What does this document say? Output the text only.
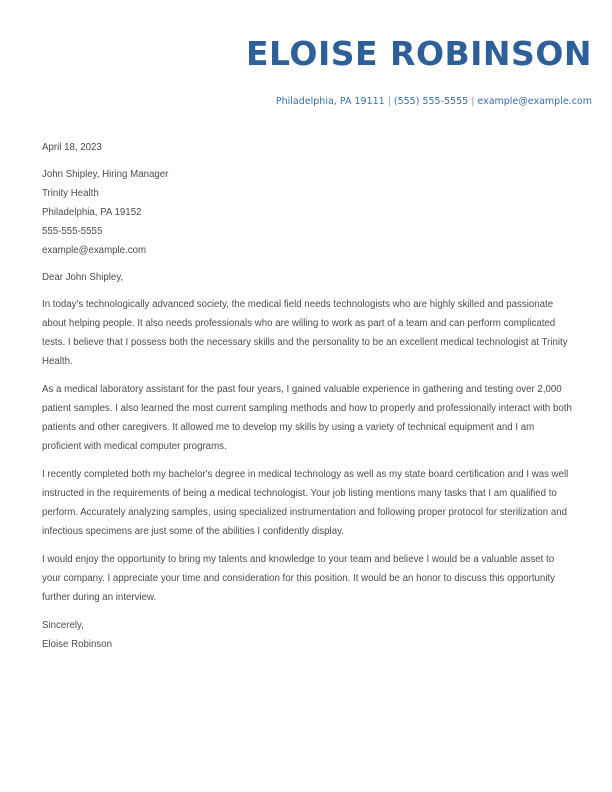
ELOISE ROBINSON
Philadelphia, PA 19111 | (555) 555-5555 | example@example.com

April 18, 2023

John Shipley, Hiring Manager
Trinity Health
Philadelphia, PA 19152
555-555-5555
example@example.com

Dear John Shipley,

In today's technologically advanced society, the medical field needs technologists who are highly skilled and passionate about helping people. It also needs professionals who are willing to work as part of a team and can perform complicated tests. I believe that I possess both the necessary skills and the personality to be an excellent medical technologist at Trinity Health.

As a medical laboratory assistant for the past four years, I gained valuable experience in gathering and testing over 2,000 patient samples. I also learned the most current sampling methods and how to properly and professionally interact with both patients and other caregivers. It allowed me to develop my skills by using a variety of technical equipment and I am proficient with medical computer programs.

I recently completed both my bachelor's degree in medical technology as well as my state board certification and I was well instructed in the requirements of being a medical technologist. Your job listing mentions many tasks that I am qualified to perform. Accurately analyzing samples, using specialized instrumentation and following proper protocol for sterilization and infectious specimens are just some of the abilities I confidently display.

I would enjoy the opportunity to bring my talents and knowledge to your team and believe I would be a valuable asset to your company. I appreciate your time and consideration for this position. It would be an honor to discuss this opportunity further during an interview.

Sincerely,
Eloise Robinson
